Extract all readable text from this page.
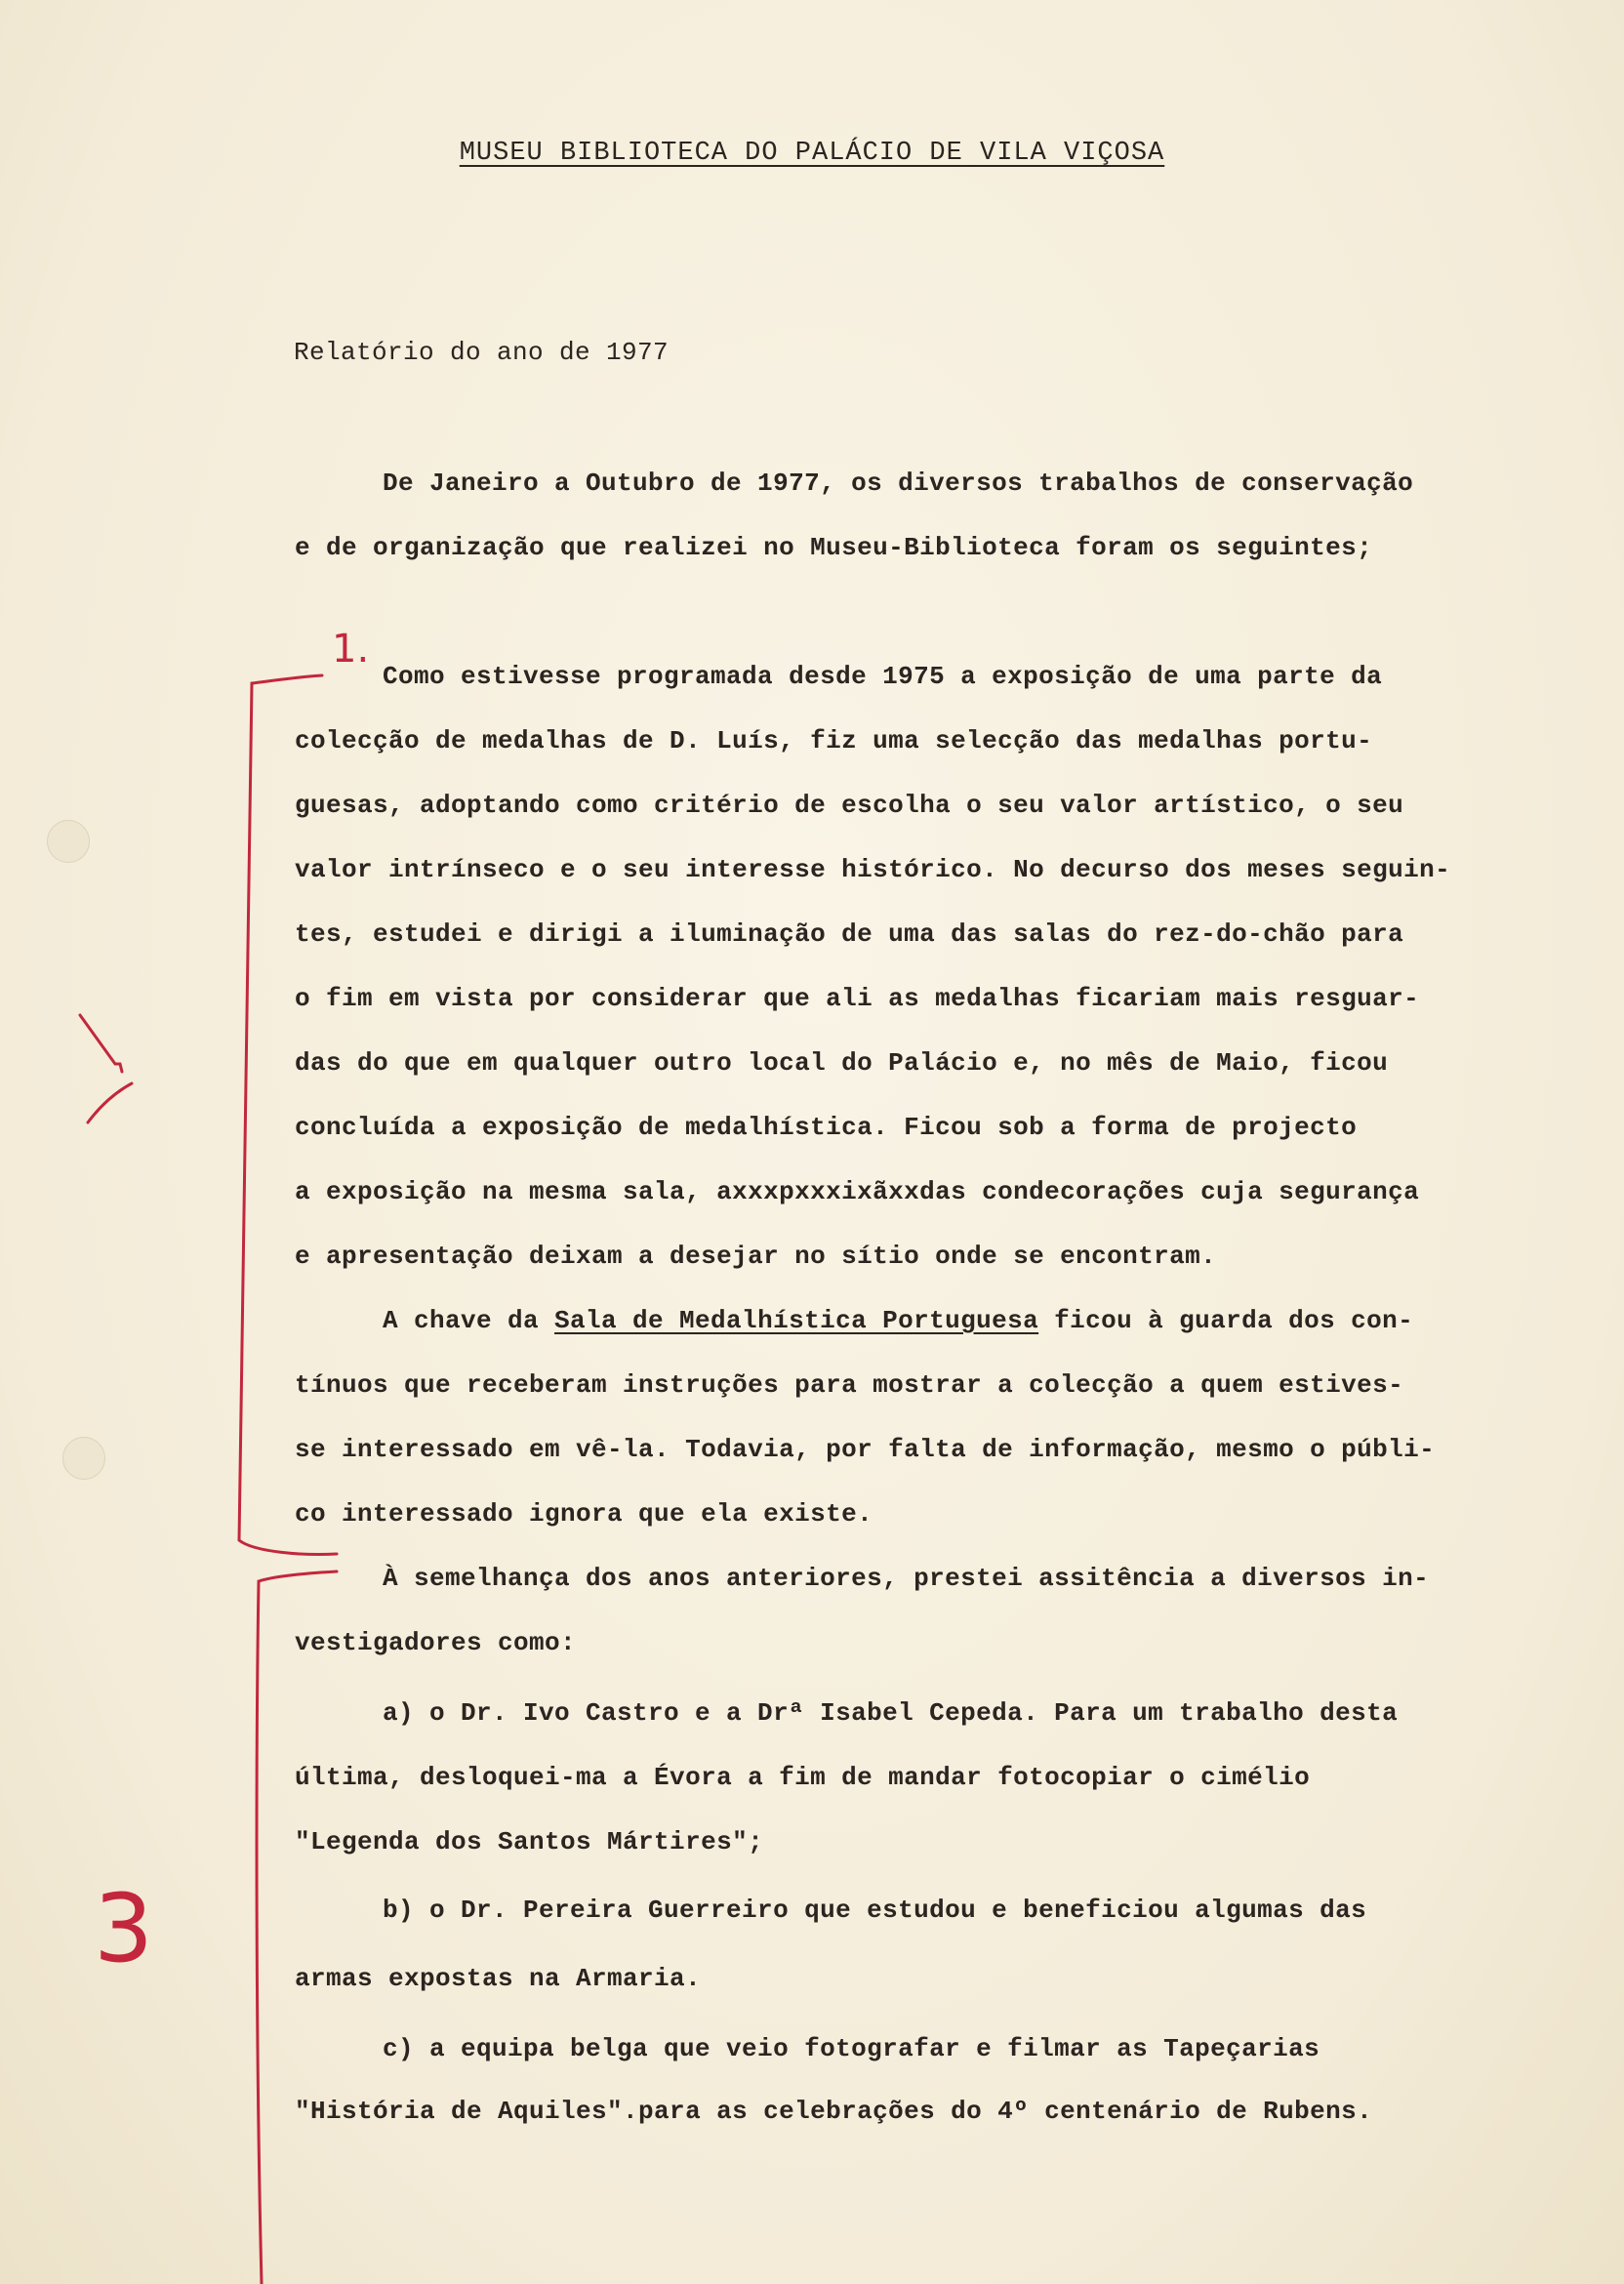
MUSEU BIBLIOTECA DO PALÁCIO DE VILA VIÇOSA
Relatório do ano de 1977
De Janeiro a Outubro de 1977, os diversos trabalhos de conservação
e de organização que realizei no Museu-Biblioteca foram os seguintes;
Como estivesse programada desde 1975 a exposição de uma parte da
colecção de medalhas de D. Luís, fiz uma selecção das medalhas portu-
guesas, adoptando como critério de escolha o seu valor artístico, o seu
valor intrínseco e o seu interesse histórico. No decurso dos meses seguin-
tes, estudei e dirigi a iluminação de uma das salas do rez-do-chão para
o fim em vista por considerar que ali as medalhas ficariam mais resguar-
das do que em qualquer outro local do Palácio e, no mês de Maio, ficou
concluída a exposição de medalhística. Ficou sob a forma de projecto
a exposição na mesma sala, axxxpxxxixãxxdas condecorações cuja segurança
e apresentação deixam a desejar no sítio onde se encontram.
A chave da Sala de Medalhística Portuguesa ficou à guarda dos con-
tínuos que receberam instruções para mostrar a colecção a quem estives-
se interessado em vê-la. Todavia, por falta de informação, mesmo o públi-
co interessado ignora que ela existe.
À semelhança dos anos anteriores, prestei assitência a diversos in-
vestigadores como:
a) o Dr. Ivo Castro e a Drª Isabel Cepeda. Para um trabalho desta
última, desloquei-ma a Évora a fim de mandar fotocopiar o cimélio
"Legenda dos Santos Mártires";
b) o Dr. Pereira Guerreiro que estudou e beneficiou algumas das
armas expostas na Armaria.
c) a equipa belga que veio fotografar e filmar as Tapeçarias
"História de Aquiles".para as celebrações do 4º centenário de Rubens.
1.
3
